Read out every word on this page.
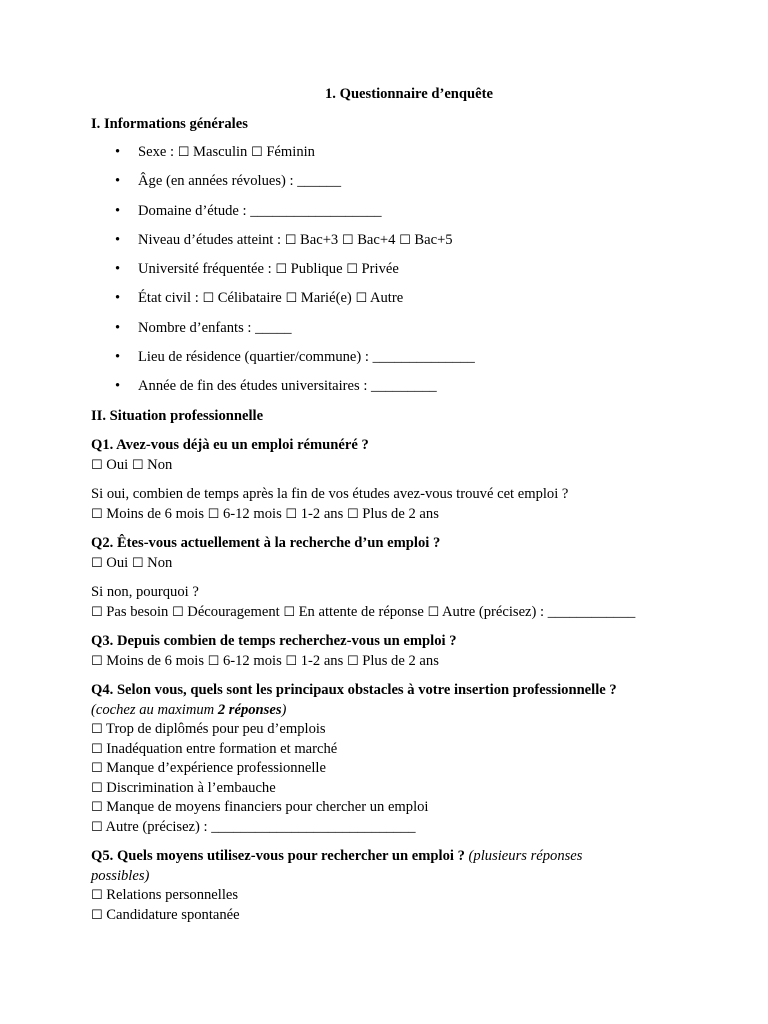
1. Questionnaire d’enquête

I. Informations générales

• Sexe : ☐ Masculin ☐ Féminin
• Âge (en années révolues) : ______
• Domaine d’étude : __________________
• Niveau d’études atteint : ☐ Bac+3 ☐ Bac+4 ☐ Bac+5
• Université fréquentée : ☐ Publique ☐ Privée
• État civil : ☐ Célibataire ☐ Marié(e) ☐ Autre
• Nombre d’enfants : _____
• Lieu de résidence (quartier/commune) : ______________
• Année de fin des études universitaires : _________

II. Situation professionnelle

Q1. Avez-vous déjà eu un emploi rémunéré ?

☐ Oui ☐ Non

Si oui, combien de temps après la fin de vos études avez-vous trouvé cet emploi ?

☐ Moins de 6 mois ☐ 6-12 mois ☐ 1-2 ans ☐ Plus de 2 ans

Q2. Êtes-vous actuellement à la recherche d’un emploi ?

☐ Oui ☐ Non

Si non, pourquoi ?

☐ Pas besoin ☐ Découragement ☐ En attente de réponse ☐ Autre (précisez) : ____________

Q3. Depuis combien de temps recherchez-vous un emploi ?

☐ Moins de 6 mois ☐ 6-12 mois ☐ 1-2 ans ☐ Plus de 2 ans

Q4. Selon vous, quels sont les principaux obstacles à votre insertion professionnelle ?

(cochez au maximum 2 réponses)

☐ Trop de diplômés pour peu d’emplois

☐ Inadéquation entre formation et marché

☐ Manque d’expérience professionnelle

☐ Discrimination à l’embauche

☐ Manque de moyens financiers pour chercher un emploi

☐ Autre (précisez) : ____________________________

Q5. Quels moyens utilisez-vous pour rechercher un emploi ? (plusieurs réponses

possibles)

☐ Relations personnelles

☐ Candidature spontanée
